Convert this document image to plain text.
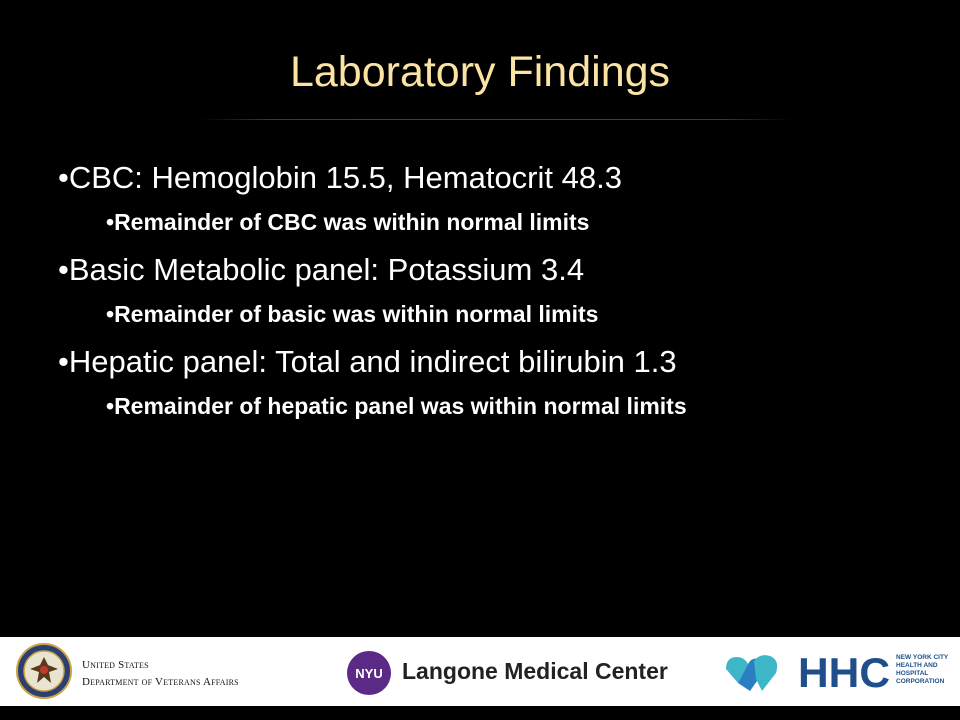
Laboratory Findings
•CBC: Hemoglobin 15.5, Hematocrit 48.3
•Remainder of CBC was within normal limits
•Basic Metabolic panel: Potassium 3.4
•Remainder of basic was within normal limits
•Hepatic panel: Total and indirect bilirubin 1.3
•Remainder of hepatic panel was within normal limits
United States
Department of Veterans Affairs
NYU Langone Medical Center	HHC NEW YORK CITY
HEALTH AND
HOSPITAL
CORPORATION
